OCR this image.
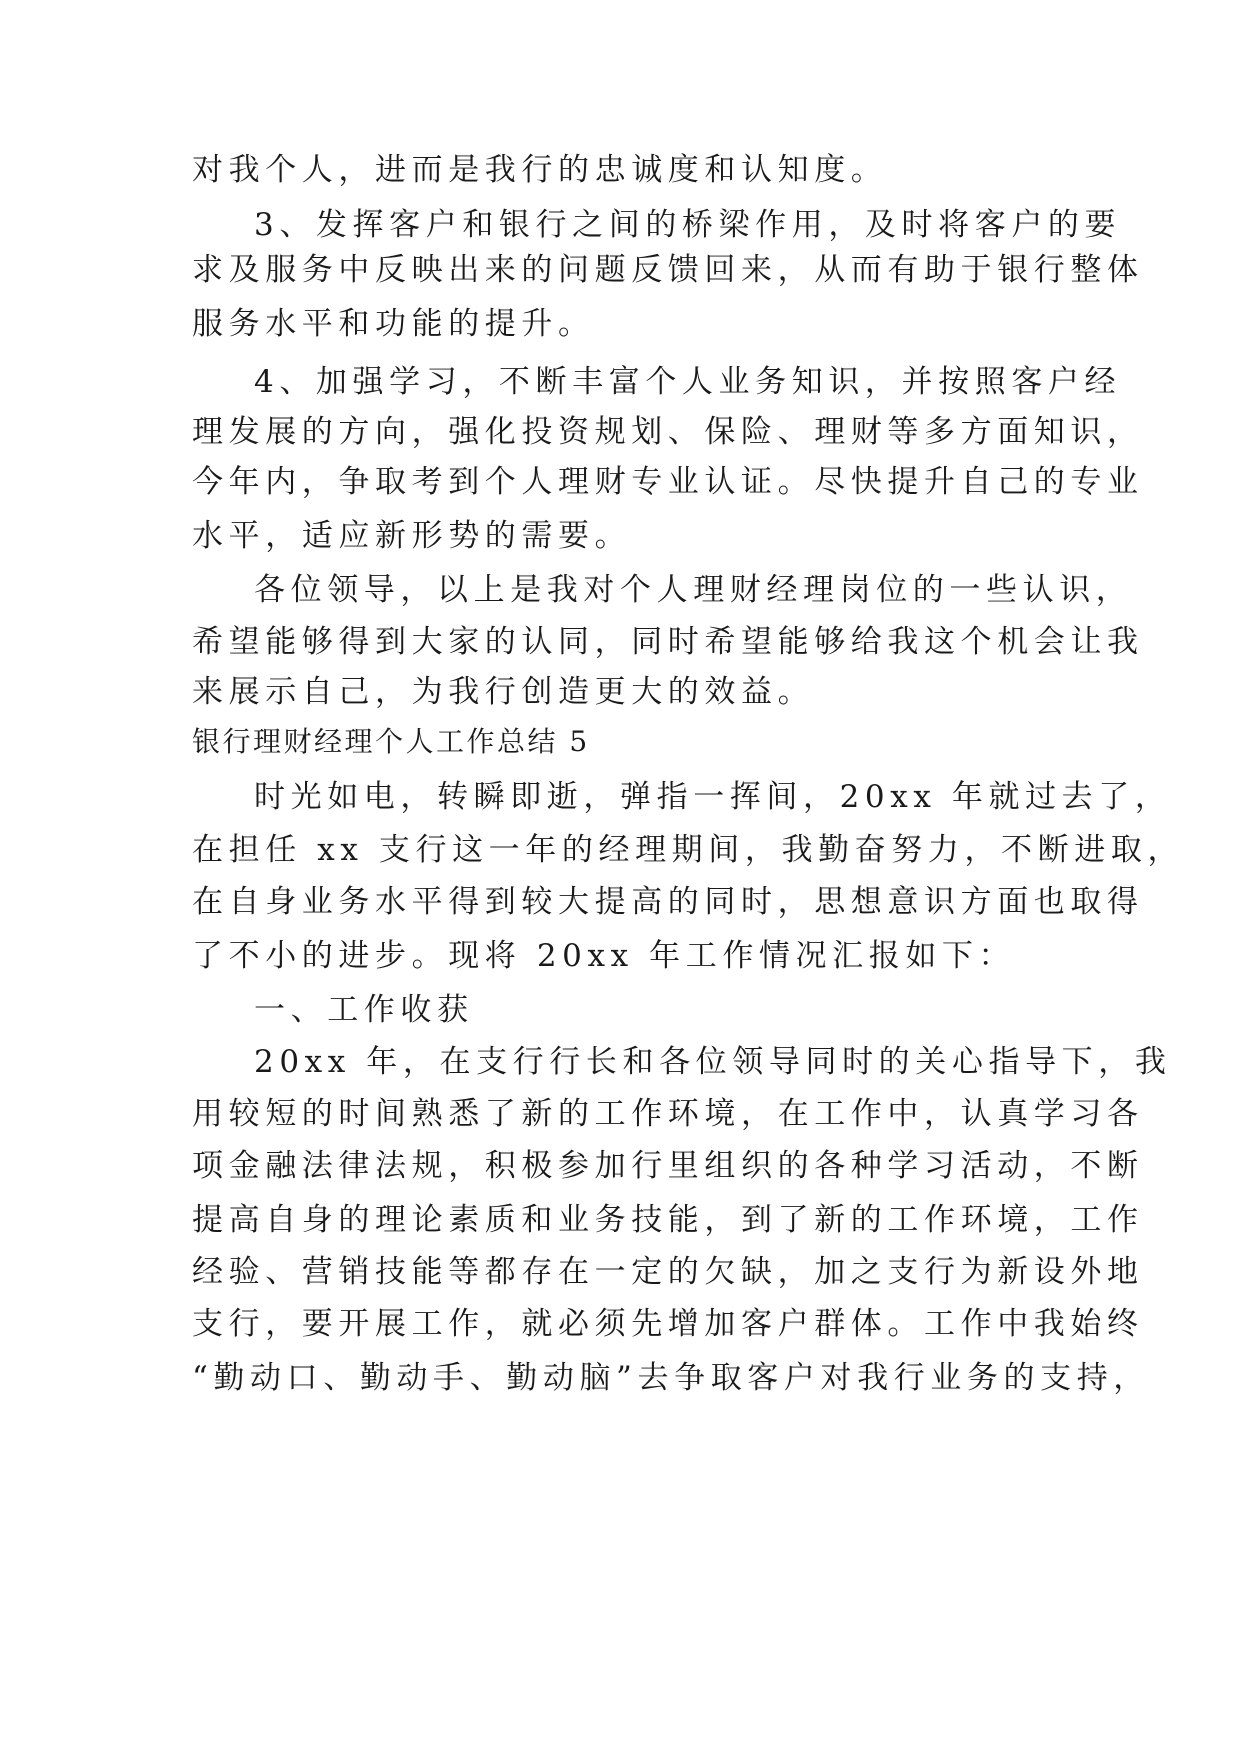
对我个人，进而是我行的忠诚度和认知度。
3、发挥客户和银行之间的桥梁作用，及时将客户的要
求及服务中反映出来的问题反馈回来，从而有助于银行整体
服务水平和功能的提升。
4、加强学习，不断丰富个人业务知识，并按照客户经
理发展的方向，强化投资规划、保险、理财等多方面知识，
今年内，争取考到个人理财专业认证。尽快提升自己的专业
水平，适应新形势的需要。
各位领导，以上是我对个人理财经理岗位的一些认识，
希望能够得到大家的认同，同时希望能够给我这个机会让我
来展示自己，为我行创造更大的效益。
银行理财经理个人工作总结 5
时光如电，转瞬即逝，弹指一挥间，20xx 年就过去了，
在担任 xx 支行这一年的经理期间，我勤奋努力，不断进取，
在自身业务水平得到较大提高的同时，思想意识方面也取得
了不小的进步。现将 20xx 年工作情况汇报如下：
一、工作收获
20xx 年，在支行行长和各位领导同时的关心指导下，我
用较短的时间熟悉了新的工作环境，在工作中，认真学习各
项金融法律法规，积极参加行里组织的各种学习活动，不断
提高自身的理论素质和业务技能，到了新的工作环境，工作
经验、营销技能等都存在一定的欠缺，加之支行为新设外地
支行，要开展工作，就必须先增加客户群体。工作中我始终
“勤动口、勤动手、勤动脑”去争取客户对我行业务的支持，
